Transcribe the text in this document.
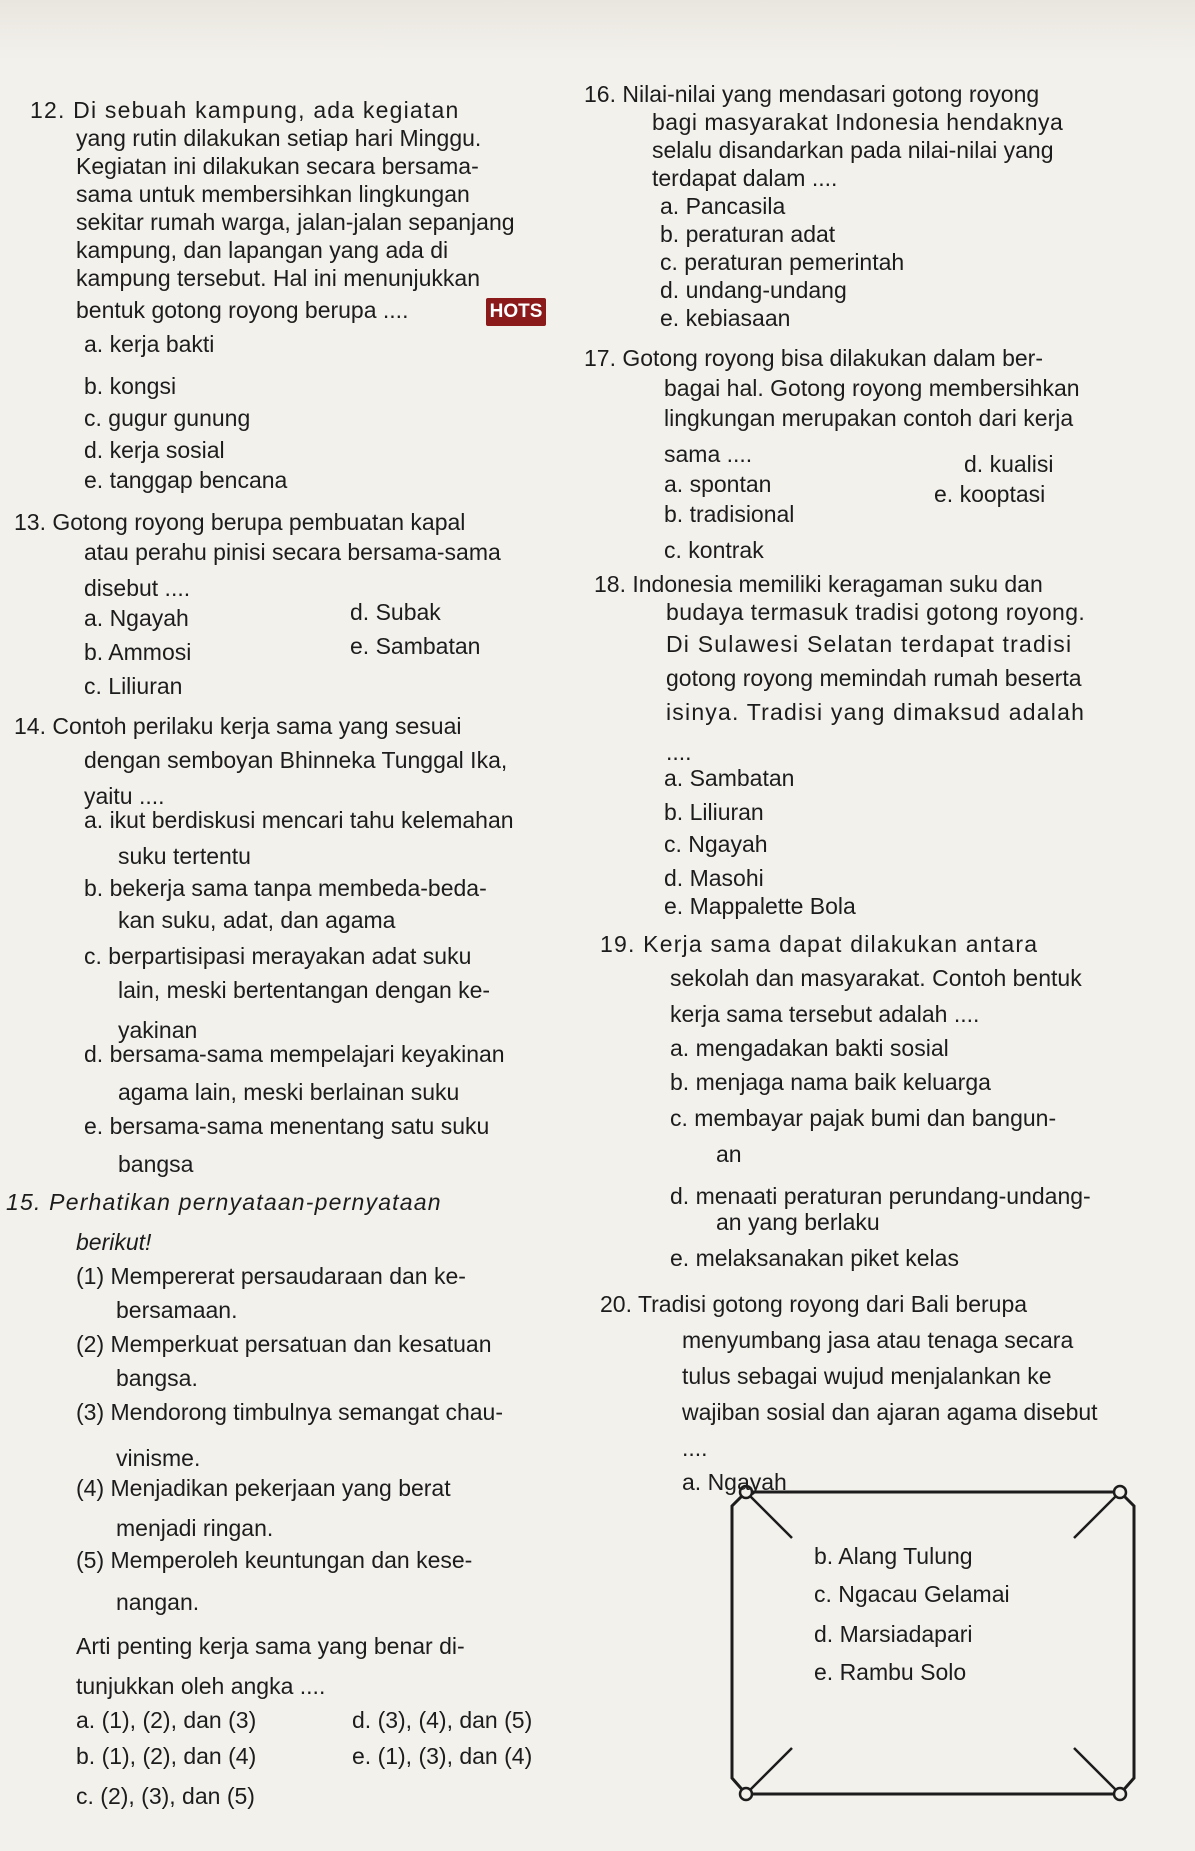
12. Di sebuah kampung, ada kegiatan
yang rutin dilakukan setiap hari Minggu.
Kegiatan ini dilakukan secara bersama-
sama untuk membersihkan lingkungan
sekitar rumah warga, jalan-jalan sepanjang
kampung, dan lapangan yang ada di
kampung tersebut. Hal ini menunjukkan
bentuk gotong royong berupa ....	HOTS
a. kerja bakti
b. kongsi
c. gugur gunung
d. kerja sosial
e. tanggap bencana
13. Gotong royong berupa pembuatan kapal
atau perahu pinisi secara bersama-sama
disebut ....
a. Ngayah	d. Subak
b. Ammosi	e. Sambatan
c. Liliuran
14. Contoh perilaku kerja sama yang sesuai
dengan semboyan Bhinneka Tunggal Ika,
yaitu ....
a. ikut berdiskusi mencari tahu kelemahan
suku tertentu
b. bekerja sama tanpa membeda-beda-
kan suku, adat, dan agama
c. berpartisipasi merayakan adat suku
lain, meski bertentangan dengan ke-
yakinan
d. bersama-sama mempelajari keyakinan
agama lain, meski berlainan suku
e. bersama-sama menentang satu suku
bangsa
15. Perhatikan pernyataan-pernyataan
berikut!
(1) Mempererat persaudaraan dan ke-
bersamaan.
(2) Memperkuat persatuan dan kesatuan
bangsa.
(3) Mendorong timbulnya semangat chau-
vinisme.
(4) Menjadikan pekerjaan yang berat
menjadi ringan.
(5) Memperoleh keuntungan dan kese-
nangan.
Arti penting kerja sama yang benar di-
tunjukkan oleh angka ....
a. (1), (2), dan (3)	d. (3), (4), dan (5)
b. (1), (2), dan (4)	e. (1), (3), dan (4)
c. (2), (3), dan (5)
16. Nilai-nilai yang mendasari gotong royong
bagi masyarakat Indonesia hendaknya
selalu disandarkan pada nilai-nilai yang
terdapat dalam ....
a. Pancasila
b. peraturan adat
c. peraturan pemerintah
d. undang-undang
e. kebiasaan
17. Gotong royong bisa dilakukan dalam ber-
bagai hal. Gotong royong membersihkan
lingkungan merupakan contoh dari kerja
sama ....
a. spontan
d. kualisi
b. tradisional
e. kooptasi
c. kontrak
18. Indonesia memiliki keragaman suku dan
budaya termasuk tradisi gotong royong.
Di Sulawesi Selatan terdapat tradisi
gotong royong memindah rumah beserta
isinya. Tradisi yang dimaksud adalah
....
a. Sambatan
b. Liliuran
c. Ngayah
d. Masohi
e. Mappalette Bola
19. Kerja sama dapat dilakukan antara
sekolah dan masyarakat. Contoh bentuk
kerja sama tersebut adalah ....
a. mengadakan bakti sosial
b. menjaga nama baik keluarga
c. membayar pajak bumi dan bangun-
an
d. menaati peraturan perundang-undang-
an yang berlaku
e. melaksanakan piket kelas
20. Tradisi gotong royong dari Bali berupa
menyumbang jasa atau tenaga secara
tulus sebagai wujud menjalankan ke
wajiban sosial dan ajaran agama disebut
....
b. Alang Tulung
c. Ngacau Gelamai
d. Marsiadapari
e. Rambu Solo
a. Ngayah
